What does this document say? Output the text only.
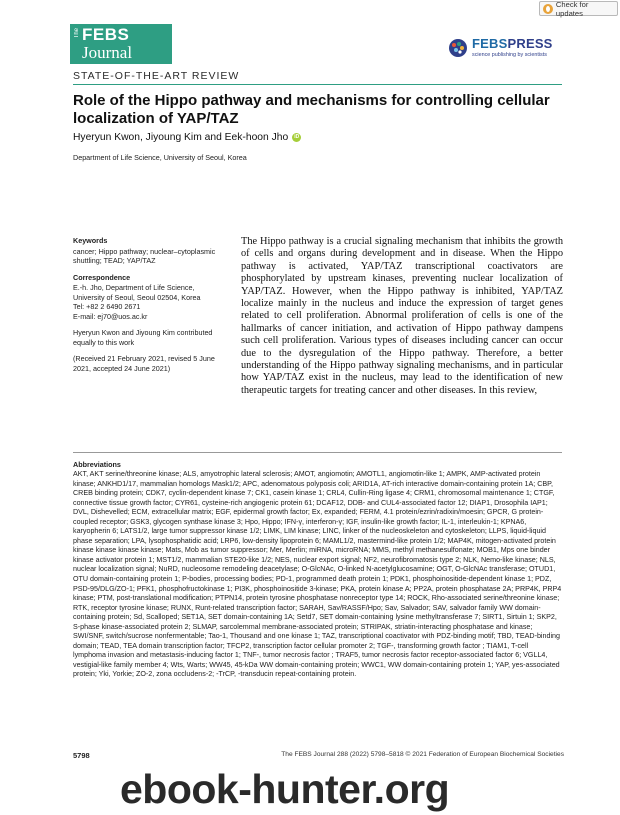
Check for updates
The FEBS
Journal	FEBSPRESS
science publishing by scientists
STATE-OF-THE-ART REVIEW
Role of the Hippo pathway and mechanisms for controlling cellular localization of YAP/TAZ
Hyeryun Kwon, Jiyoung Kim and Eek-hoon Jho	iD
Department of Life Science, University of Seoul, Korea
Keywords
cancer; Hippo pathway; nuclear–cytoplasmic shuttling; TEAD; YAP/TAZ
Correspondence
E.-h. Jho, Department of Life Science,
University of Seoul, Seoul 02504, Korea
Tel: +82 2 6490 2671
E-mail: ej70@uos.ac.kr
Hyeryun Kwon and Jiyoung Kim contributed equally to this work
(Received 21 February 2021, revised 5 June 2021, accepted 24 June 2021)

The Hippo pathway is a crucial signaling mechanism that inhibits the growth of cells and organs during development and in disease. When the Hippo pathway is activated, YAP/TAZ transcriptional coactivators are phosphorylated by upstream kinases, preventing nuclear localization of YAP/TAZ. However, when the Hippo pathway is inhibited, YAP/TAZ localize mainly in the nucleus and induce the expression of target genes related to cell proliferation. Abnormal proliferation of cells is one of the hallmarks of cancer initiation, and activation of Hippo pathway dampens such cell proliferation. Various types of diseases including cancer can occur due to the dysregulation of the Hippo pathway. Therefore, a better understanding of the Hippo pathway signaling mechanisms, and in particular how YAP/TAZ exist in the nucleus, may lead to the identification of new therapeutic targets for treating cancer and other diseases. In this review,

Abbreviations

AKT, AKT serine/threonine kinase; ALS, amyotrophic lateral sclerosis; AMOT, angiomotin; AMOTL1, angiomotin-like 1; AMPK, AMP-activated protein kinase; ANKHD1/17, mammalian homologs Mask1/2; APC, adenomatous polyposis coli; ARID1A, AT-rich interactive domain-containing protein 1A; CBP, CREB binding protein; CDK7, cyclin-dependent kinase 7; CK1, casein kinase 1; CRL4, Cullin-Ring ligase 4; CRM1, chromosomal maintenance 1; CTGF, connective tissue growth factor; CYR61, cysteine-rich angiogenic protein 61; DCAF12, DDB- and CUL4-associated factor 12; DIAP1, Drosophila IAP1; DVL, Dishevelled; ECM, extracellular matrix; EGF, epidermal growth factor; Ex, expanded; FERM, 4.1 protein/ezrin/radixin/moesin; GPCR, G protein-coupled receptor; GSK3, glycogen synthase kinase 3; Hpo, Hippo; IFN-γ, interferon-γ; IGF, insulin-like growth factor; IL-1, interleukin-1; KPNA6, karyopherin 6; LATS1/2, large tumor suppressor kinase 1/2; LIMK, LIM kinase; LINC, linker of the nucleoskeleton and cytoskeleton; LLPS, liquid-liquid phase separation; LPA, lysophosphatidic acid; LRP6, low-density lipoprotein 6; MAML1/2, mastermind-like protein 1/2; MAP4K, mitogen-activated protein kinase kinase kinase kinase; Mats, Mob as tumor suppressor; Mer, Merlin; miRNA, microRNA; MMS, methyl methanesulfonate; MOB1, Mps one binder kinase activator protein 1; MST1/2, mammalian STE20-like 1/2; NES, nuclear export signal; NF2, neurofibromatosis type 2; NLK, Nemo-like kinase; NLS, nuclear localization signal; NuRD, nucleosome remodeling deacetylase; O-GlcNAc, O-linked N-acetylglucosamine; OGT, O-GlcNAc transferase; OTUD1, OTU domain-containing protein 1; P-bodies, processing bodies; PD-1, programmed death protein 1; PDK1, phosphoinositide-dependent kinase 1; PDZ, PSD-95/DLG/ZO-1; PFK1, phosphofructokinase 1; PI3K, phosphoinositide 3-kinase; PKA, protein kinase A; PP2A, protein phosphatase 2A; PRP4K, PRP4 kinase; PTM, post-translational modification; PTPN14, protein tyrosine phosphatase nonreceptor type 14; ROCK, Rho-associated serine/threonine kinase; RTK, receptor tyrosine kinase; RUNX, Runt-related transcription factor; SARAH, Sav/RASSF/Hpo; Sav, Salvador; SAV, salvador family WW domain-containing protein; Sd, Scalloped; SET1A, SET domain-containing 1A; Setd7, SET domain-containing lysine methyltransferase 7; SIRT1, Sirtuin 1; SKP2, S-phase kinase-associated protein 2; SLMAP, sarcolemmal membrane-associated protein; STRIPAK, striatin-interacting phosphatase and kinase; SWI/SNF, switch/sucrose nonfermentable; Tao-1, Thousand and one kinase 1; TAZ, transcriptional coactivator with PDZ-binding motif; TBD, TEAD-binding domain; TEAD, TEA domain transcription factor; TFCP2, transcription factor cellular promoter 2; TGF-, transforming growth factor ; TIAM1, T-cell lymphoma invasion and metastasis-inducing factor 1; TNF-, tumor necrosis factor ; TRAF5, tumor necrosis factor receptor-associated factor 6; VGLL4, vestigial-like family member 4; Wts, Warts; WW45, 45-kDa WW domain-containing protein; WWC1, WW domain-containing protein 1; YAP, yes-associated protein; Yki, Yorkie; ZO-2, zona occludens-2; -TrCP, -transducin repeat-containing protein.

5798	The FEBS Journal 288 (2022) 5798–5818 © 2021 Federation of European Biochemical Societies
ebook-hunter.org
